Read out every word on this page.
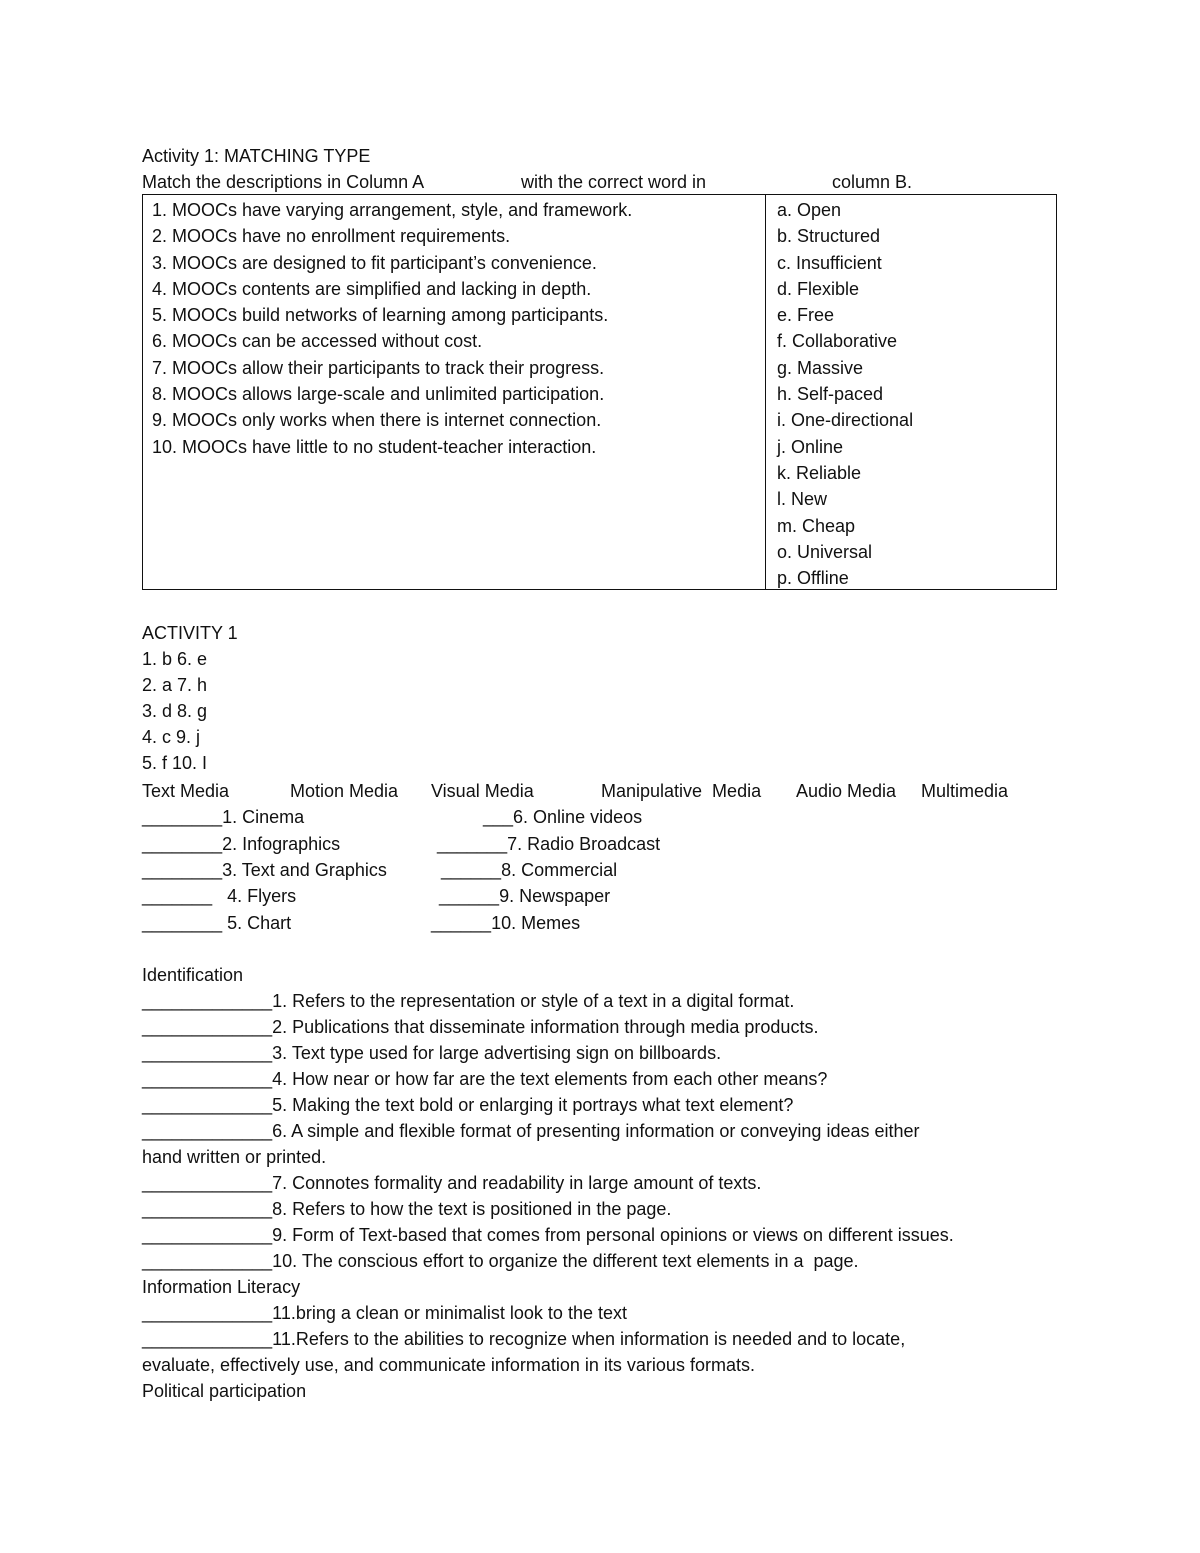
Activity 1: MATCHING TYPE
Match the descriptions in Column A	with the correct word in	column B.
1. MOOCs have varying arrangement, style, and framework.
2. MOOCs have no enrollment requirements.
3. MOOCs are designed to fit participant’s convenience.
4. MOOCs contents are simplified and lacking in depth.
5. MOOCs build networks of learning among participants.
6. MOOCs can be accessed without cost.
7. MOOCs allow their participants to track their progress.
8. MOOCs allows large-scale and unlimited participation.
9. MOOCs only works when there is internet connection.
10. MOOCs have little to no student-teacher interaction.
a. Open
b. Structured
c. Insufficient
d. Flexible
e. Free
f. Collaborative
g. Massive
h. Self-paced
i. One-directional
j. Online
k. Reliable
l. New
m. Cheap
o. Universal
p. Offline
ACTIVITY 1
1. b 6. e
2. a 7. h
3. d 8. g
4. c 9. j
5. f 10. I
Text Media	Motion Media Visual Media	Manipulative  Media Audio Media Multimedia
________1. Cinema
________2. Infographics
________3. Text and Graphics
_______   4. Flyers
________ 5. Chart
___6. Online videos
_______7. Radio Broadcast
______8. Commercial
______9. Newspaper
______10. Memes
Identification
_____________1. Refers to the representation or style of a text in a digital format.
_____________2. Publications that disseminate information through media products.
_____________3. Text type used for large advertising sign on billboards.
_____________4. How near or how far are the text elements from each other means?
_____________5. Making the text bold or enlarging it portrays what text element?
_____________6. A simple and flexible format of presenting information or conveying ideas either
hand written or printed.
_____________7. Connotes formality and readability in large amount of texts.
_____________8. Refers to how the text is positioned in the page.
_____________9. Form of Text-based that comes from personal opinions or views on different issues.
_____________10. The conscious effort to organize the different text elements in a  page.
Information Literacy
_____________11.bring a clean or minimalist look to the text
_____________11.Refers to the abilities to recognize when information is needed and to locate,
evaluate, effectively use, and communicate information in its various formats.
Political participation
